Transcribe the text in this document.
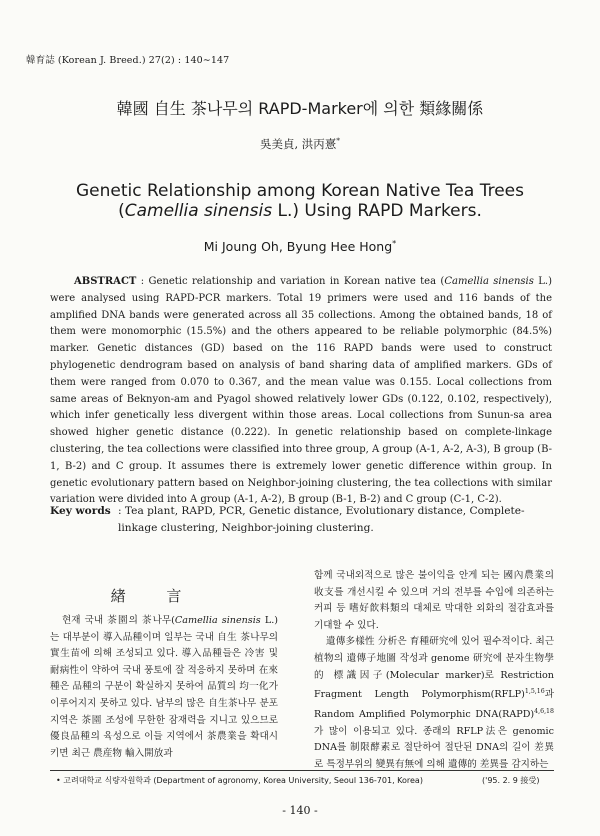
韓育誌 (Korean J. Breed.) 27(2) : 140∼147
韓國 自生 茶나무의 RAPD-Marker에 의한 類緣關係
吳美貞, 洪丙憙*
Genetic Relationship among Korean Native Tea Trees
(Camellia sinensis L.) Using RAPD Markers.
Mi Joung Oh, Byung Hee Hong*
ABSTRACT : Genetic relationship and variation in Korean native tea (Camellia sinensis L.) were analysed using RAPD-PCR markers. Total 19 primers were used and 116 bands of the amplified DNA bands were generated across all 35 collections. Among the obtained bands, 18 of them were monomorphic (15.5%) and the others appeared to be reliable polymorphic (84.5%) marker. Genetic distances (GD) based on the 116 RAPD bands were used to construct phylogenetic dendrogram based on analysis of band sharing data of amplified markers. GDs of them were ranged from 0.070 to 0.367, and the mean value was 0.155. Local collections from same areas of Beknyon-am and Pyagol showed relatively lower GDs (0.122, 0.102, respectively), which infer genetically less divergent within those areas. Local collections from Sunun-sa area showed higher genetic distance (0.222). In genetic relationship based on complete-linkage clustering, the tea collections were classified into three group, A group (A-1, A-2, A-3), B group (B-1, B-2) and C group. It assumes there is extremely lower genetic difference within group. In genetic evolutionary pattern based on Neighbor-joining clustering, the tea collections with similar variation were divided into A group (A-1, A-2), B group (B-1, B-2) and C group (C-1, C-2).
Key words : Tea plant, RAPD, PCR, Genetic distance, Evolutionary distance, Complete-linkage clustering, Neighbor-joining clustering.
緖 言

현재 국내 茶園의 茶나무(Camellia sinensis L.)는 대부분이 導入品種이며 일부는 국내 自生 茶나무의 實生苗에 의해 조성되고 있다. 導入品種들은 冷害 및 耐病性이 약하여 국내 풍토에 잘 적응하지 못하며 在來種은 品種의 구분이 확실하지 못하여 品質의 均一化가 이루어지지 못하고 있다. 남부의 많은 自生茶나무 분포지역은 茶園 조성에 무한한 잠재력을 지니고 있으므로 優良品種의 육성으로 이들 지역에서 茶農業을 확대시키면 최근 農産物 輸入開放과

함께 국내외적으로 많은 불이익을 안게 되는 國內農業의 收支를 개선시킬 수 있으며 거의 전부를 수입에 의존하는 커피 등 嗜好飮料類의 대체로 막대한 외화의 절감효과를 기대할 수 있다.

遺傳多樣性 分析은 育種研究에 있어 필수적이다. 최근 植物의 遺傳子地圖 작성과 genome 研究에 분자生物學的 標識因子(Molecular marker)로 Restriction Fragment Length Polymorphism(RFLP)$^{1,5,16}$과 Random Amplified Polymorphic DNA(RAPD)$^{4,6,18}$가 많이 이용되고 있다. 종래의 RFLP法은 genomic DNA를 制限酵素로 절단하여 절단된 DNA의 길이 差異로 특정부위의 變異有無에 의해 遺傳的 差異를 감지하는

• 고려대학교 식량자원학과 (Department of agronomy, Korea University, Seoul 136-701, Korea)	('95. 2. 9 接受)
- 140 -
